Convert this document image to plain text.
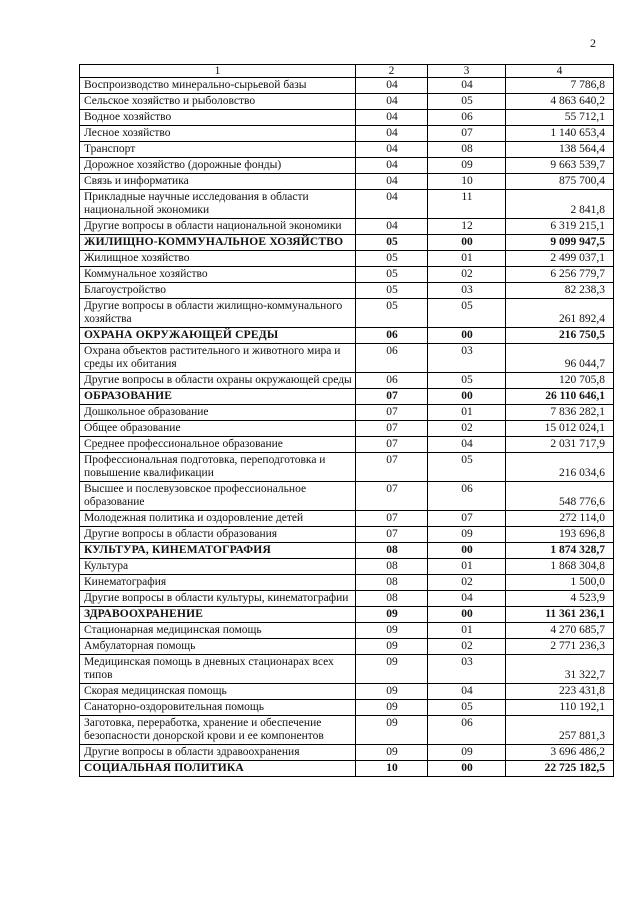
2
1	2	3	4
Воспроизводство минерально-сырьевой базы	04	04	7 786,8
Сельское хозяйство и рыболовство	04	05	4 863 640,2
Водное хозяйство	04	06	55 712,1
Лесное хозяйство	04	07	1 140 653,4
Транспорт	04	08	138 564,4
Дорожное хозяйство (дорожные фонды)	04	09	9 663 539,7
Связь и информатика	04	10	875 700,4
Прикладные научные исследования в области национальной экономики	04	11	2 841,8
Другие вопросы в области национальной экономики	04	12	6 319 215,1
ЖИЛИЩНО-КОММУНАЛЬНОЕ ХОЗЯЙСТВО	05	00	9 099 947,5
Жилищное хозяйство	05	01	2 499 037,1
Коммунальное хозяйство	05	02	6 256 779,7
Благоустройство	05	03	82 238,3
Другие вопросы в области жилищно-коммунального хозяйства	05	05	261 892,4
ОХРАНА ОКРУЖАЮЩЕЙ СРЕДЫ	06	00	216 750,5
Охрана объектов растительного и животного мира и среды их обитания	06	03	96 044,7
Другие вопросы в области охраны окружающей среды	06	05	120 705,8
ОБРАЗОВАНИЕ	07	00	26 110 646,1
Дошкольное образование	07	01	7 836 282,1
Общее образование	07	02	15 012 024,1
Среднее профессиональное образование	07	04	2 031 717,9
Профессиональная подготовка, переподготовка и повышение квалификации	07	05	216 034,6
Высшее и послевузовское профессиональное образование	07	06	548 776,6
Молодежная политика и оздоровление детей	07	07	272 114,0
Другие вопросы в области образования	07	09	193 696,8
КУЛЬТУРА, КИНЕМАТОГРАФИЯ	08	00	1 874 328,7
Культура	08	01	1 868 304,8
Кинематография	08	02	1 500,0
Другие вопросы в области культуры, кинематографии	08	04	4 523,9
ЗДРАВООХРАНЕНИЕ	09	00	11 361 236,1
Стационарная медицинская помощь	09	01	4 270 685,7
Амбулаторная помощь	09	02	2 771 236,3
Медицинская помощь в дневных стационарах всех типов	09	03	31 322,7
Скорая медицинская помощь	09	04	223 431,8
Санаторно-оздоровительная помощь	09	05	110 192,1
Заготовка, переработка, хранение и обеспечение безопасности донорской крови и ее компонентов	09	06	257 881,3
Другие вопросы в области здравоохранения	09	09	3 696 486,2
СОЦИАЛЬНАЯ ПОЛИТИКА	10	00	22 725 182,5
